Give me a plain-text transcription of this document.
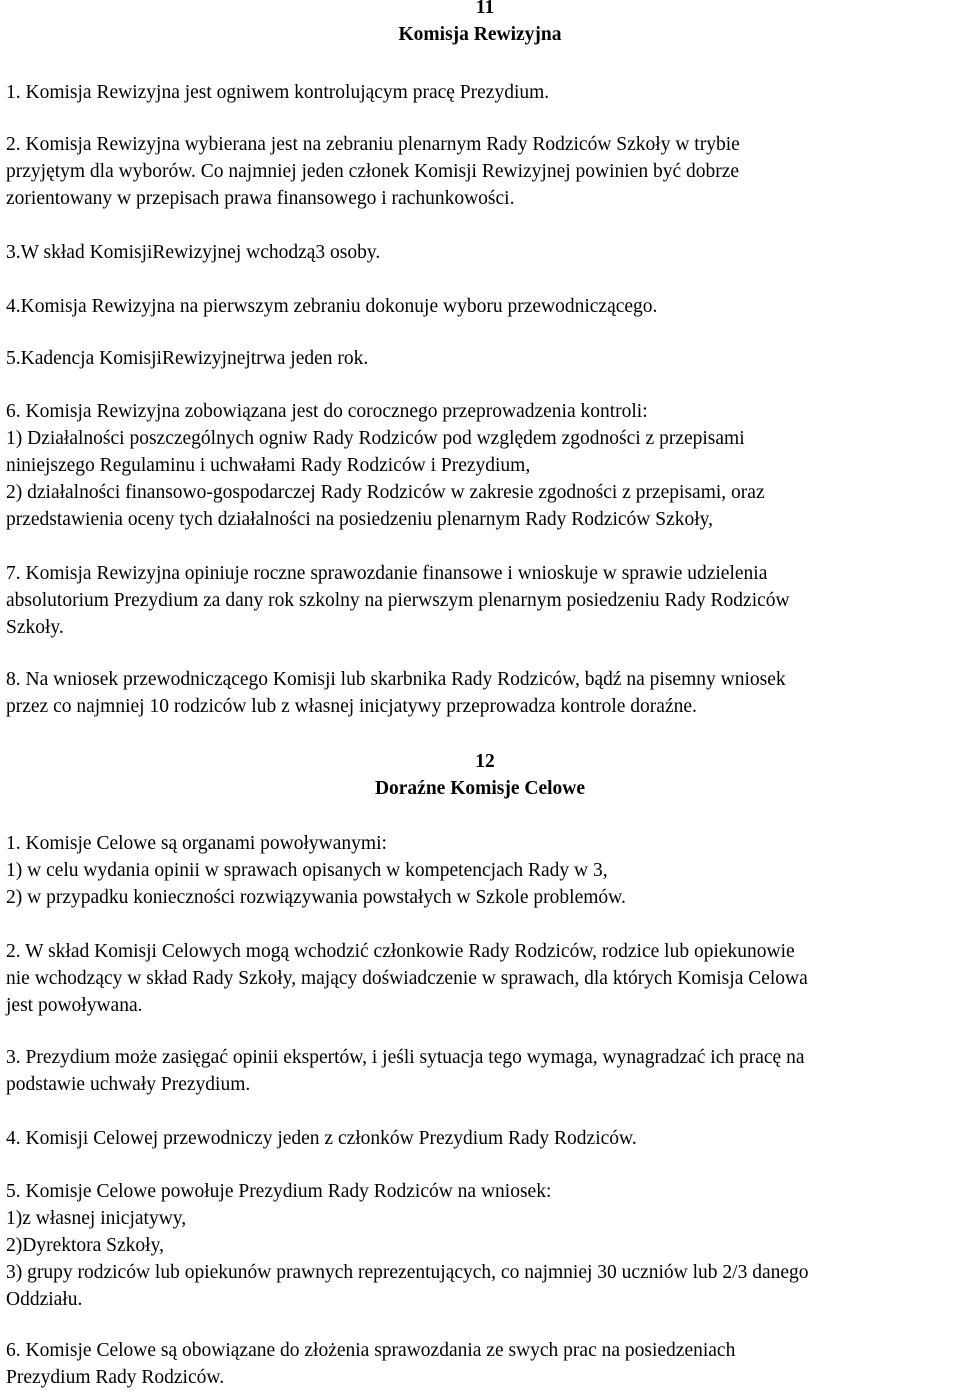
11
Komisja Rewizyjna
1. Komisja Rewizyjna jest ogniwem kontrolującym pracę Prezydium.
2. Komisja Rewizyjna wybierana jest na zebraniu plenarnym Rady Rodziców Szkoły w trybie
przyjętym dla wyborów. Co najmniej jeden członek Komisji Rewizyjnej powinien być dobrze
zorientowany w przepisach prawa finansowego i rachunkowości.
3.W skład KomisjiRewizyjnej wchodzą3 osoby.
4.Komisja Rewizyjna na pierwszym zebraniu dokonuje wyboru przewodniczącego.
5.Kadencja KomisjiRewizyjnejtrwa jeden rok.
6. Komisja Rewizyjna zobowiązana jest do corocznego przeprowadzenia kontroli:
1) Działalności poszczególnych ogniw Rady Rodziców pod względem zgodności z przepisami
niniejszego Regulaminu i uchwałami Rady Rodziców i Prezydium,
2) działalności finansowo-gospodarczej Rady Rodziców w zakresie zgodności z przepisami, oraz
przedstawienia oceny tych działalności na posiedzeniu plenarnym Rady Rodziców Szkoły,
7. Komisja Rewizyjna opiniuje roczne sprawozdanie finansowe i wnioskuje w sprawie udzielenia
absolutorium Prezydium za dany rok szkolny na pierwszym plenarnym posiedzeniu Rady Rodziców
Szkoły.
8. Na wniosek przewodniczącego Komisji lub skarbnika Rady Rodziców, bądź na pisemny wniosek
przez co najmniej 10 rodziców lub z własnej inicjatywy przeprowadza kontrole doraźne.
12
Doraźne Komisje Celowe
1. Komisje Celowe są organami powoływanymi:
1) w celu wydania opinii w sprawach opisanych w kompetencjach Rady w 3,
2) w przypadku konieczności rozwiązywania powstałych w Szkole problemów.
2. W skład Komisji Celowych mogą wchodzić członkowie Rady Rodziców, rodzice lub opiekunowie
nie wchodzący w skład Rady Szkoły, mający doświadczenie w sprawach, dla których Komisja Celowa
jest powoływana.
3. Prezydium może zasięgać opinii ekspertów, i jeśli sytuacja tego wymaga, wynagradzać ich pracę na
podstawie uchwały Prezydium.
4. Komisji Celowej przewodniczy jeden z członków Prezydium Rady Rodziców.
5. Komisje Celowe powołuje Prezydium Rady Rodziców na wniosek:
1)z własnej inicjatywy,
2)Dyrektora Szkoły,
3) grupy rodziców lub opiekunów prawnych reprezentujących, co najmniej 30 uczniów lub 2/3 danego
Oddziału.
6. Komisje Celowe są obowiązane do złożenia sprawozdania ze swych prac na posiedzeniach
Prezydium Rady Rodziców.
